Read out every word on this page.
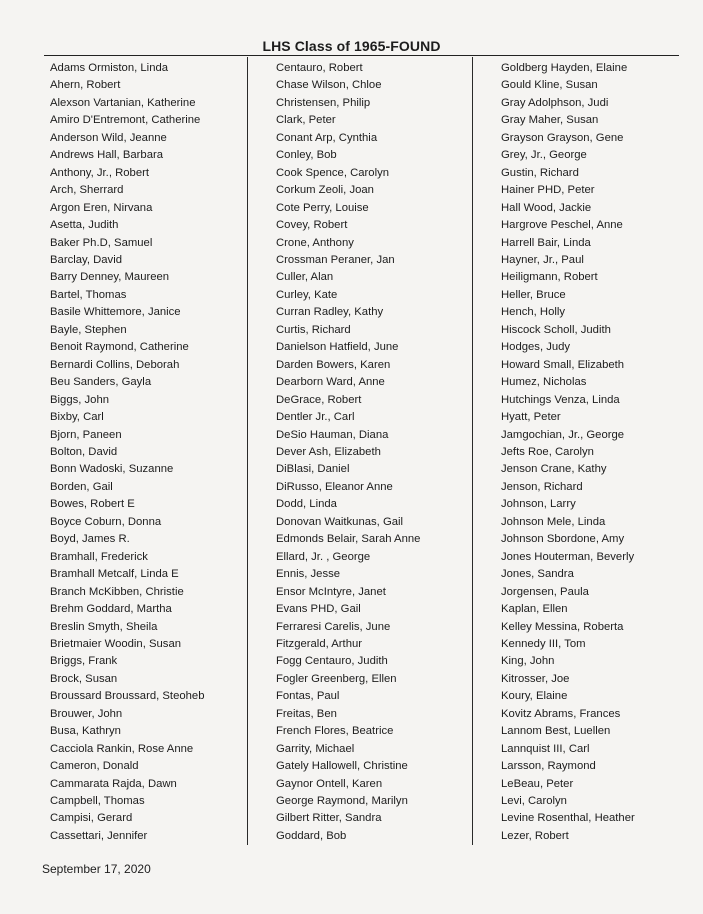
LHS Class of 1965-FOUND
Adams Ormiston, Linda
Ahern, Robert
Alexson Vartanian, Katherine
Amiro D'Entremont, Catherine
Anderson Wild, Jeanne
Andrews Hall, Barbara
Anthony, Jr., Robert
Arch, Sherrard
Argon Eren, Nirvana
Asetta, Judith
Baker Ph.D, Samuel
Barclay, David
Barry Denney, Maureen
Bartel, Thomas
Basile Whittemore, Janice
Bayle, Stephen
Benoit Raymond, Catherine
Bernardi Collins, Deborah
Beu Sanders, Gayla
Biggs, John
Bixby, Carl
Bjorn, Paneen
Bolton, David
Bonn Wadoski, Suzanne
Borden, Gail
Bowes, Robert E
Boyce Coburn, Donna
Boyd, James R.
Bramhall, Frederick
Bramhall Metcalf, Linda E
Branch McKibben, Christie
Brehm Goddard, Martha
Breslin Smyth, Sheila
Brietmaier Woodin, Susan
Briggs, Frank
Brock, Susan
Broussard Broussard, Steoheb
Brouwer, John
Busa, Kathryn
Cacciola Rankin, Rose Anne
Cameron, Donald
Cammarata Rajda, Dawn
Campbell, Thomas
Campisi, Gerard
Cassettari, Jennifer
Centauro, Robert
Chase Wilson, Chloe
Christensen, Philip
Clark, Peter
Conant Arp, Cynthia
Conley, Bob
Cook Spence, Carolyn
Corkum Zeoli, Joan
Cote Perry, Louise
Covey, Robert
Crone, Anthony
Crossman Peraner, Jan
Culler, Alan
Curley, Kate
Curran Radley, Kathy
Curtis, Richard
Danielson Hatfield, June
Darden Bowers, Karen
Dearborn Ward, Anne
DeGrace, Robert
Dentler Jr., Carl
DeSio Hauman, Diana
Dever Ash, Elizabeth
DiBlasi, Daniel
DiRusso, Eleanor Anne
Dodd, Linda
Donovan Waitkunas, Gail
Edmonds Belair, Sarah Anne
Ellard, Jr. , George
Ennis, Jesse
Ensor McIntyre, Janet
Evans PHD, Gail
Ferraresi Carelis, June
Fitzgerald, Arthur
Fogg Centauro, Judith
Fogler Greenberg, Ellen
Fontas, Paul
Freitas, Ben
French Flores, Beatrice
Garrity, Michael
Gately Hallowell, Christine
Gaynor Ontell, Karen
George Raymond, Marilyn
Gilbert Ritter, Sandra
Goddard, Bob
Goldberg Hayden, Elaine
Gould Kline, Susan
Gray Adolphson, Judi
Gray Maher, Susan
Grayson Grayson, Gene
Grey, Jr., George
Gustin, Richard
Hainer PHD, Peter
Hall Wood, Jackie
Hargrove Peschel, Anne
Harrell Bair, Linda
Hayner, Jr., Paul
Heiligmann, Robert
Heller, Bruce
Hench, Holly
Hiscock Scholl, Judith
Hodges, Judy
Howard Small, Elizabeth
Humez, Nicholas
Hutchings Venza, Linda
Hyatt, Peter
Jamgochian, Jr., George
Jefts Roe, Carolyn
Jenson Crane, Kathy
Jenson, Richard
Johnson, Larry
Johnson Mele, Linda
Johnson Sbordone, Amy
Jones Houterman, Beverly
Jones, Sandra
Jorgensen, Paula
Kaplan, Ellen
Kelley Messina, Roberta
Kennedy III, Tom
King, John
Kitrosser, Joe
Koury, Elaine
Kovitz Abrams, Frances
Lannom Best, Luellen
Lannquist III, Carl
Larsson, Raymond
LeBeau, Peter
Levi, Carolyn
Levine Rosenthal, Heather
Lezer, Robert
September 17, 2020
